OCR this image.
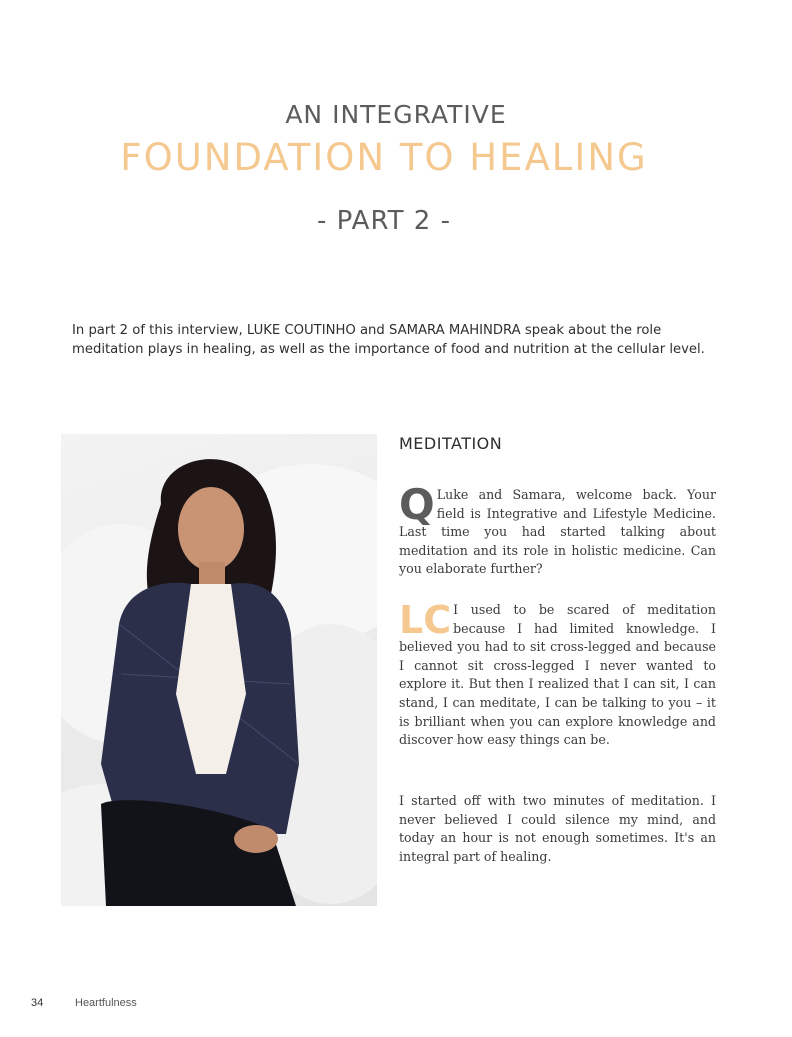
AN INTEGRATIVE
FOUNDATION TO HEALING
- PART 2 -

In part 2 of this interview, LUKE COUTINHO and SAMARA MAHINDRA speak about the role meditation plays in healing, as well as the importance of food and nutrition at the cellular level.

MEDITATION

Q Luke and Samara, welcome back. Your field is Integrative and Lifestyle Medicine. Last time you had started talking about meditation and its role in holistic medicine. Can you elaborate further?

LC I used to be scared of meditation because I had limited knowledge. I believed you had to sit cross-legged and because I cannot sit cross-legged I never wanted to explore it. But then I realized that I can sit, I can stand, I can meditate, I can be talking to you – it is brilliant when you can explore knowledge and discover how easy things can be.

I started off with two minutes of meditation. I never believed I could silence my mind, and today an hour is not enough sometimes. It's an integral part of healing.

34	Heartfulness
